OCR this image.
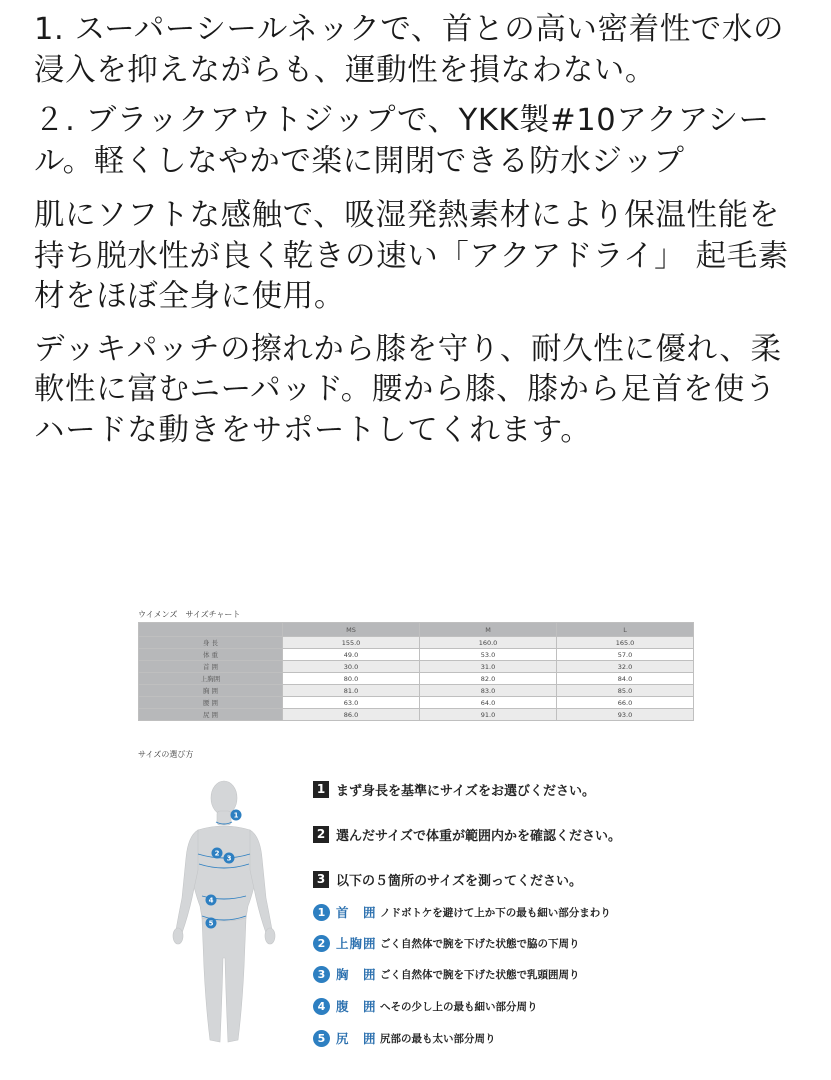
1. スーパーシールネックで、首との高い密着性で水の浸入を抑えながらも、運動性を損なわない。

２. ブラックアウトジップで、YKK製#10アクアシール。軽くしなやかで楽に開閉できる防水ジップ

肌にソフトな感触で、吸湿発熱素材により保温性能を持ち脱水性が良く乾きの速い「アクアドライ」 起毛素材をほぼ全身に使用。

デッキパッチの擦れから膝を守り、耐久性に優れ、柔軟性に富むニーパッド。腰から膝、膝から足首を使うハードな動きをサポートしてくれます。

ウイメンズ　サイズチャート
	MS	M	L
身 長	155.0	160.0	165.0
体 重	49.0	53.0	57.0
首 囲	30.0	31.0	32.0
上胸囲	80.0	82.0	84.0
胸 囲	81.0	83.0	85.0
腰 囲	63.0	64.0	66.0
尻 囲	86.0	91.0	93.0
サイズの選び方
1
2
3
4
5
1 まず身長を基準にサイズをお選びください。
2 選んだサイズで体重が範囲内かを確認ください。
3 以下の５箇所のサイズを測ってください。
1 首　囲 ノドボトケを避けて上か下の最も細い部分まわり
2 上胸囲 ごく自然体で腕を下げた状態で脇の下周り
3 胸　囲 ごく自然体で腕を下げた状態で乳頭囲周り
4 腹　囲 へその少し上の最も細い部分周り
5 尻　囲 尻部の最も太い部分周り
